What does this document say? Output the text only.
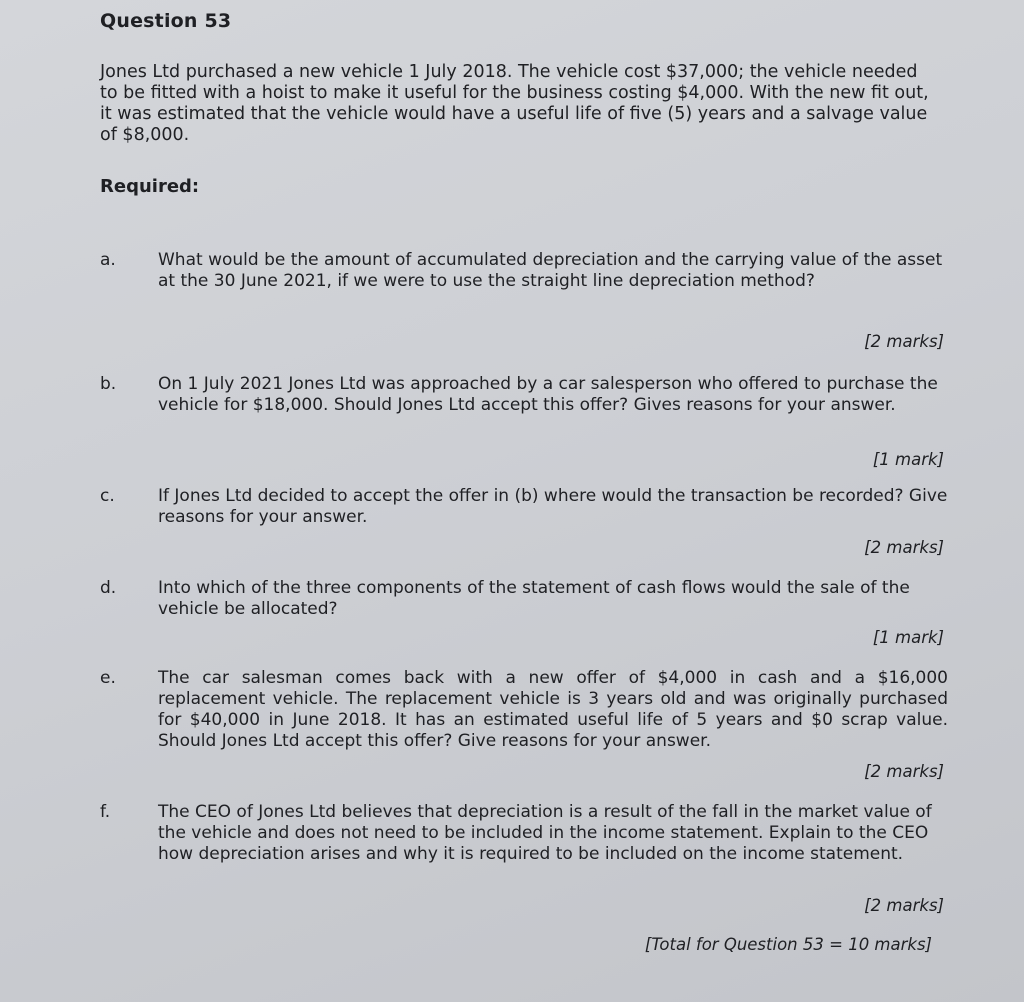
Question 53

Jones Ltd purchased a new vehicle 1 July 2018. The vehicle cost $37,000; the vehicle needed to be fitted with a hoist to make it useful for the business costing $4,000. With the new fit out, it was estimated that the vehicle would have a useful life of five (5) years and a salvage value of $8,000.

Required:
a. What would be the amount of accumulated depreciation and the carrying value of the asset at the 30 June 2021, if we were to use the straight line depreciation method?

[2 marks]
b. On 1 July 2021 Jones Ltd was approached by a car salesperson who offered to purchase the vehicle for $18,000. Should Jones Ltd accept this offer? Gives reasons for your answer.

[1 mark]
c.	If Jones Ltd decided to accept the offer in (b) where would the transaction be recorded? Give reasons for your answer.

[2 marks]
d. Into which of the three components of the statement of cash flows would the sale of the vehicle be allocated?

[1 mark]
e. The car salesman comes back with a new offer of $4,000 in cash and a $16,000 replacement vehicle. The replacement vehicle is 3 years old and was originally purchased for $40,000 in June 2018. It has an estimated useful life of 5 years and $0 scrap value. Should Jones Ltd accept this offer? Give reasons for your answer.

[2 marks]
f.	The CEO of Jones Ltd believes that depreciation is a result of the fall in the market value of the vehicle and does not need to be included in the income statement. Explain to the CEO how depreciation arises and why it is required to be included on the income statement.

[2 marks]
[Total for Question 53 = 10 marks]
